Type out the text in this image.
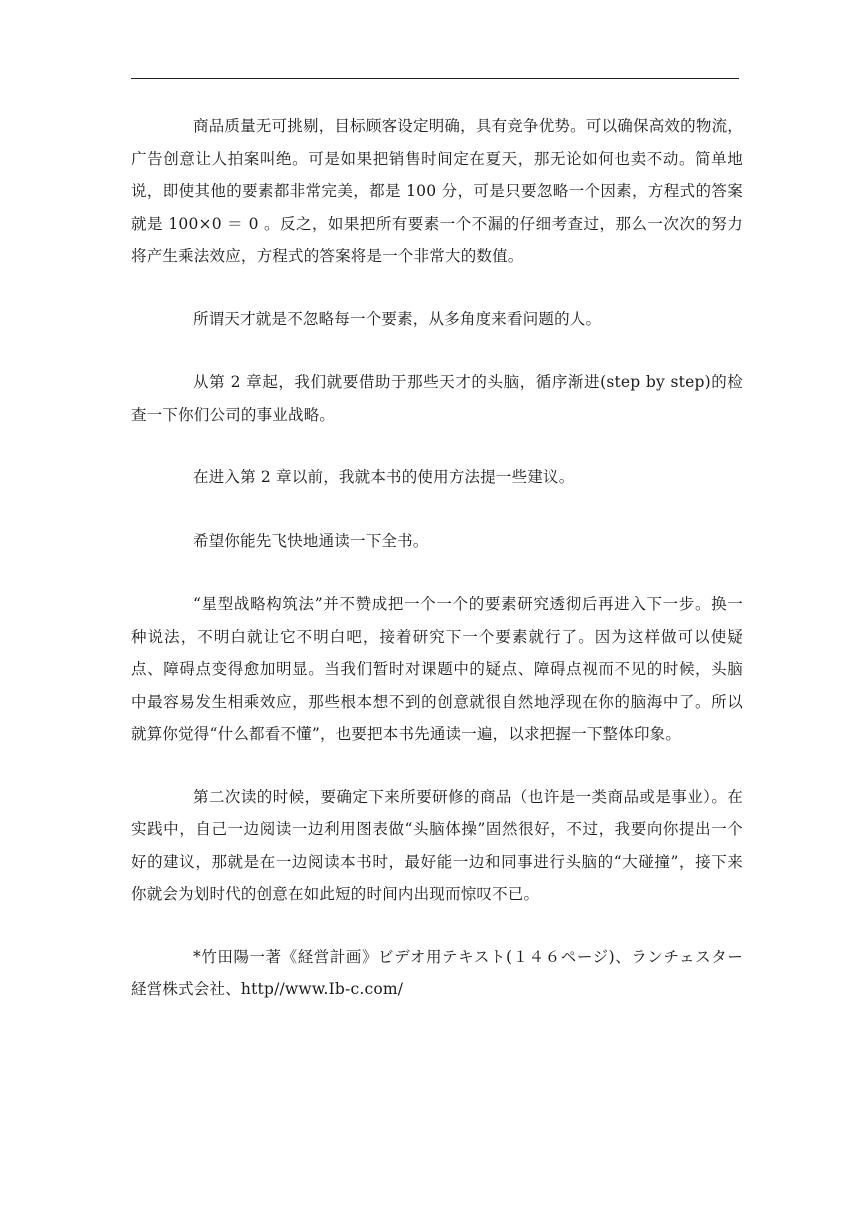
商品质量无可挑剔，目标顾客设定明确，具有竞争优势。可以确保高效的物流，广告创意让人拍案叫绝。可是如果把销售时间定在夏天，那无论如何也卖不动。简单地说，即使其他的要素都非常完美，都是 100 分，可是只要忽略一个因素，方程式的答案就是 100×0 ＝ 0 。反之，如果把所有要素一个不漏的仔细考查过，那么一次次的努力将产生乘法效应，方程式的答案将是一个非常大的数值。

所谓天才就是不忽略每一个要素，从多角度来看问题的人。

从第 2 章起，我们就要借助于那些天才的头脑，循序渐进(step by step)的检查一下你们公司的事业战略。

在进入第 2 章以前，我就本书的使用方法提一些建议。

希望你能先飞快地通读一下全书。

“星型战略构筑法”并不赞成把一个一个的要素研究透彻后再进入下一步。换一种说法，不明白就让它不明白吧，接着研究下一个要素就行了。因为这样做可以使疑点、障碍点变得愈加明显。当我们暂时对课题中的疑点、障碍点视而不见的时候，头脑中最容易发生相乘效应，那些根本想不到的创意就很自然地浮现在你的脑海中了。所以就算你觉得“什么都看不懂”，也要把本书先通读一遍，以求把握一下整体印象。

第二次读的时候，要确定下来所要研修的商品（也许是一类商品或是事业）。在实践中，自己一边阅读一边利用图表做“头脑体操”固然很好，不过，我要向你提出一个好的建议，那就是在一边阅读本书时，最好能一边和同事进行头脑的“大碰撞”，接下来你就会为划时代的创意在如此短的时间内出现而惊叹不已。

*竹田陽一著《経営計画》ビデオ用テキスト(１４６ページ)、ランチェスター経営株式会社、http//www.Ib-c.com/
